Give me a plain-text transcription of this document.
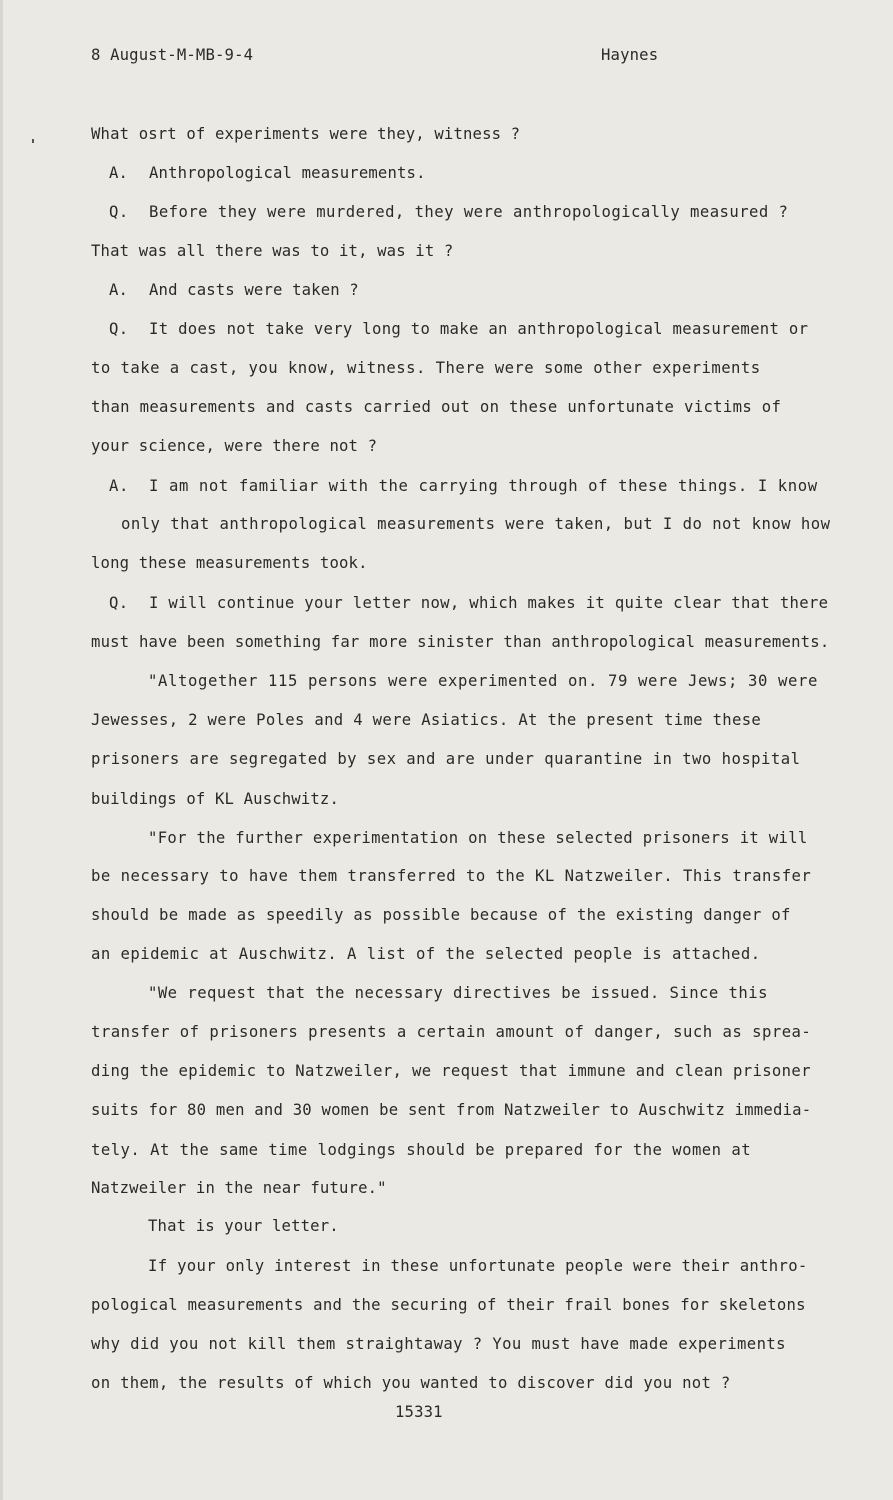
8 August-M-MB-9-4	Haynes
What osrt of experiments were they, witness ?
A. Anthropological measurements.
Q. Before they were murdered, they were anthropologically measured ?
That was all there was to it, was it ?
A. And casts were taken ?
Q. It does not take very long to make an anthropological measurement or
to take a cast, you know, witness. There were some other experiments
than measurements and casts carried out on these unfortunate victims of
your science, were there not ?
A. I am not familiar with the carrying through of these things. I know
only that anthropological measurements were taken, but I do not know how
long these measurements took.
Q. I will continue your letter now, which makes it quite clear that there
must have been something far more sinister than anthropological measurements.
"Altogether 115 persons were experimented on. 79 were Jews; 30 were
Jewesses, 2 were Poles and 4 were Asiatics. At the present time these
prisoners are segregated by sex and are under quarantine in two hospital
buildings of KL Auschwitz.
"For the further experimentation on these selected prisoners it will
be necessary to have them transferred to the KL Natzweiler. This transfer
should be made as speedily as possible because of the existing danger of
an epidemic at Auschwitz. A list of the selected people is attached.
"We request that the necessary directives be issued. Since this
transfer of prisoners presents a certain amount of danger, such as sprea-
ding the epidemic to Natzweiler, we request that immune and clean prisoner
suits for 80 men and 30 women be sent from Natzweiler to Auschwitz immedia-
tely. At the same time lodgings should be prepared for the women at
Natzweiler in the near future."
That is your letter.
If your only interest in these unfortunate people were their anthro-
pological measurements and the securing of their frail bones for skeletons
why did you not kill them straightaway ? You must have made experiments
on them, the results of which you wanted to discover did you not ?
15331
